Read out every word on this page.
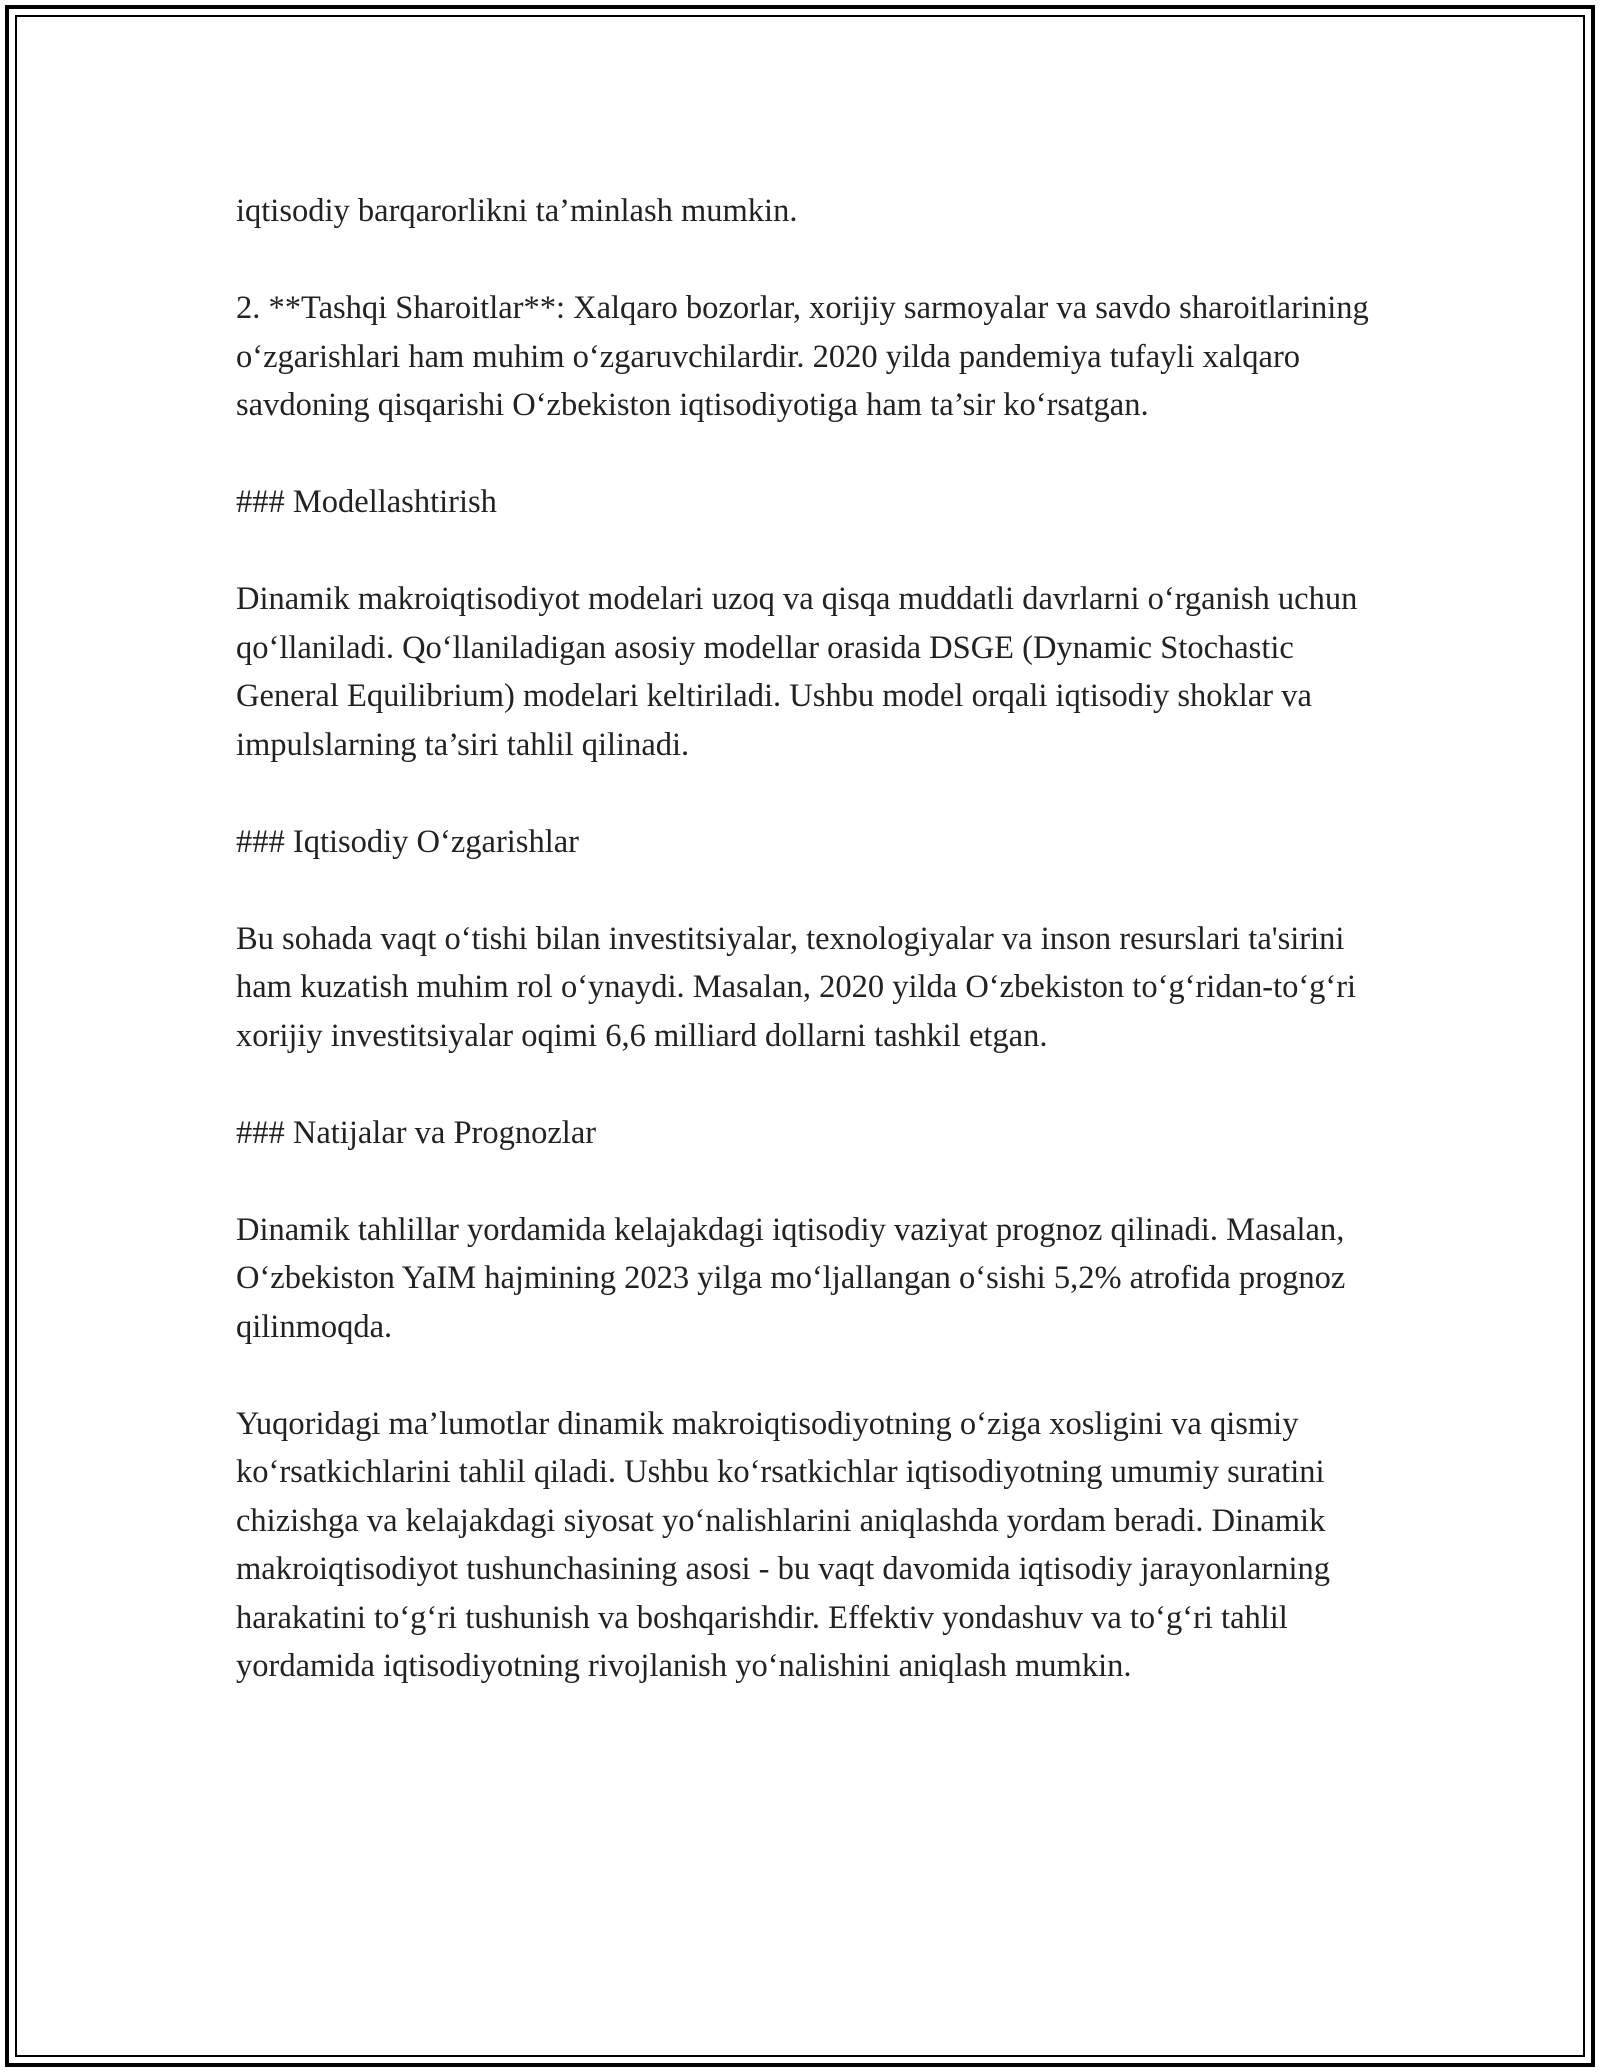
iqtisodiy barqarorlikni ta’minlash mumkin.

2. **Tashqi Sharoitlar**: Xalqaro bozorlar, xorijiy sarmoyalar va savdo sharoitlarining o‘zgarishlari ham muhim o‘zgaruvchilardir. 2020 yilda pandemiya tufayli xalqaro savdoning qisqarishi O‘zbekiston iqtisodiyotiga ham ta’sir ko‘rsatgan.

### Modellashtirish

Dinamik makroiqtisodiyot modelari uzoq va qisqa muddatli davrlarni o‘rganish uchun qo‘llaniladi. Qo‘llaniladigan asosiy modellar orasida DSGE (Dynamic Stochastic General Equilibrium) modelari keltiriladi. Ushbu model orqali iqtisodiy shoklar va impulslarning ta’siri tahlil qilinadi.

### Iqtisodiy O‘zgarishlar

Bu sohada vaqt o‘tishi bilan investitsiyalar, texnologiyalar va inson resurslari ta'sirini ham kuzatish muhim rol o‘ynaydi. Masalan, 2020 yilda O‘zbekiston to‘g‘ridan-to‘g‘ri xorijiy investitsiyalar oqimi 6,6 milliard dollarni tashkil etgan.

### Natijalar va Prognozlar

Dinamik tahlillar yordamida kelajakdagi iqtisodiy vaziyat prognoz qilinadi. Masalan, O‘zbekiston YaIM hajmining 2023 yilga mo‘ljallangan o‘sishi 5,2% atrofida prognoz qilinmoqda.

Yuqoridagi ma’lumotlar dinamik makroiqtisodiyotning o‘ziga xosligini va qismiy ko‘rsatkichlarini tahlil qiladi. Ushbu ko‘rsatkichlar iqtisodiyotning umumiy suratini chizishga va kelajakdagi siyosat yo‘nalishlarini aniqlashda yordam beradi. Dinamik makroiqtisodiyot tushunchasining asosi - bu vaqt davomida iqtisodiy jarayonlarning harakatini to‘g‘ri tushunish va boshqarishdir. Effektiv yondashuv va to‘g‘ri tahlil yordamida iqtisodiyotning rivojlanish yo‘nalishini aniqlash mumkin.
